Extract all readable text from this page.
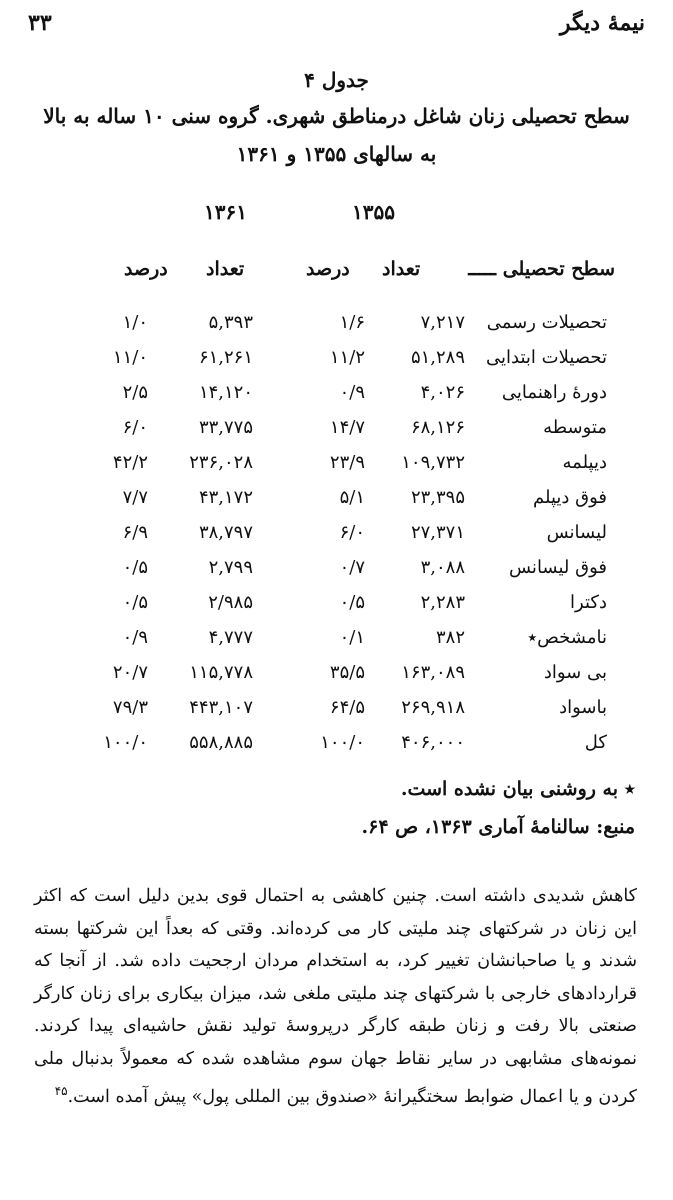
نیمهٔ دیگر
۳۳
جدول ۴
سطح تحصیلی زنان شاغل درمناطق شهری. گروه سنی ۱۰ ساله به بالا
به سالهای ۱۳۵۵ و ۱۳۶۱
۱۳۵۵
۱۳۶۱
سطح تحصیلی ـــــ
تعداد
درصد
تعداد
درصد
تحصیلات رسمی
۷,۲۱۷
۱/۶
۵,۳۹۳
۱/۰
تحصیلات ابتدایی
۵۱,۲۸۹
۱۱/۲
۶۱,۲۶۱
۱۱/۰
دورهٔ راهنمایی
۴,۰۲۶
۰/۹
۱۴,۱۲۰
۲/۵
متوسطه
۶۸,۱۲۶
۱۴/۷
۳۳,۷۷۵
۶/۰
دیپلمه
۱۰۹,۷۳۲
۲۳/۹
۲۳۶,۰۲۸
۴۲/۲
فوق دیپلم
۲۳,۳۹۵
۵/۱
۴۳,۱۷۲
۷/۷
لیسانس
۲۷,۳۷۱
۶/۰
۳۸,۷۹۷
۶/۹
فوق لیسانس
۳,۰۸۸
۰/۷
۲,۷۹۹
۰/۵
دکترا
۲,۲۸۳
۰/۵
۲/۹۸۵
۰/۵
نامشخص٭
۳۸۲
۰/۱
۴,۷۷۷
۰/۹
بی سواد
۱۶۳,۰۸۹
۳۵/۵
۱۱۵,۷۷۸
۲۰/۷
باسواد
۲۶۹,۹۱۸
۶۴/۵
۴۴۳,۱۰۷
۷۹/۳
کل
۴۰۶,۰۰۰
۱۰۰/۰
۵۵۸,۸۸۵
۱۰۰/۰
٭ به روشنی بیان نشده است.
منبع: سالنامهٔ آماری ۱۳۶۳، ص ۶۴.
کاهش شدیدی داشته است. چنین کاهشی به احتمال قوی بدین دلیل است که اکثر این زنان در شرکتهای چند ملیتی کار می کرده‌اند. وقتی که بعداً این شرکتها بسته شدند و یا صاحبانشان تغییر کرد، به استخدام مردان ارجحیت داده شد. از آنجا که قراردادهای خارجی با شرکتهای چند ملیتی ملغی شد، میزان بیکاری برای زنان کارگر صنعتی بالا رفت و زنان طبقه کارگر درپروسهٔ تولید نقش حاشیه‌ای پیدا کردند. نمونه‌های مشابهی در سایر نقاط جهان سوم مشاهده شده که معمولاً بدنبال ملی کردن و یا اعمال ضوابط سختگیرانهٔ «صندوق بین المللی پول» پیش آمده است.$^{۴۵}$
